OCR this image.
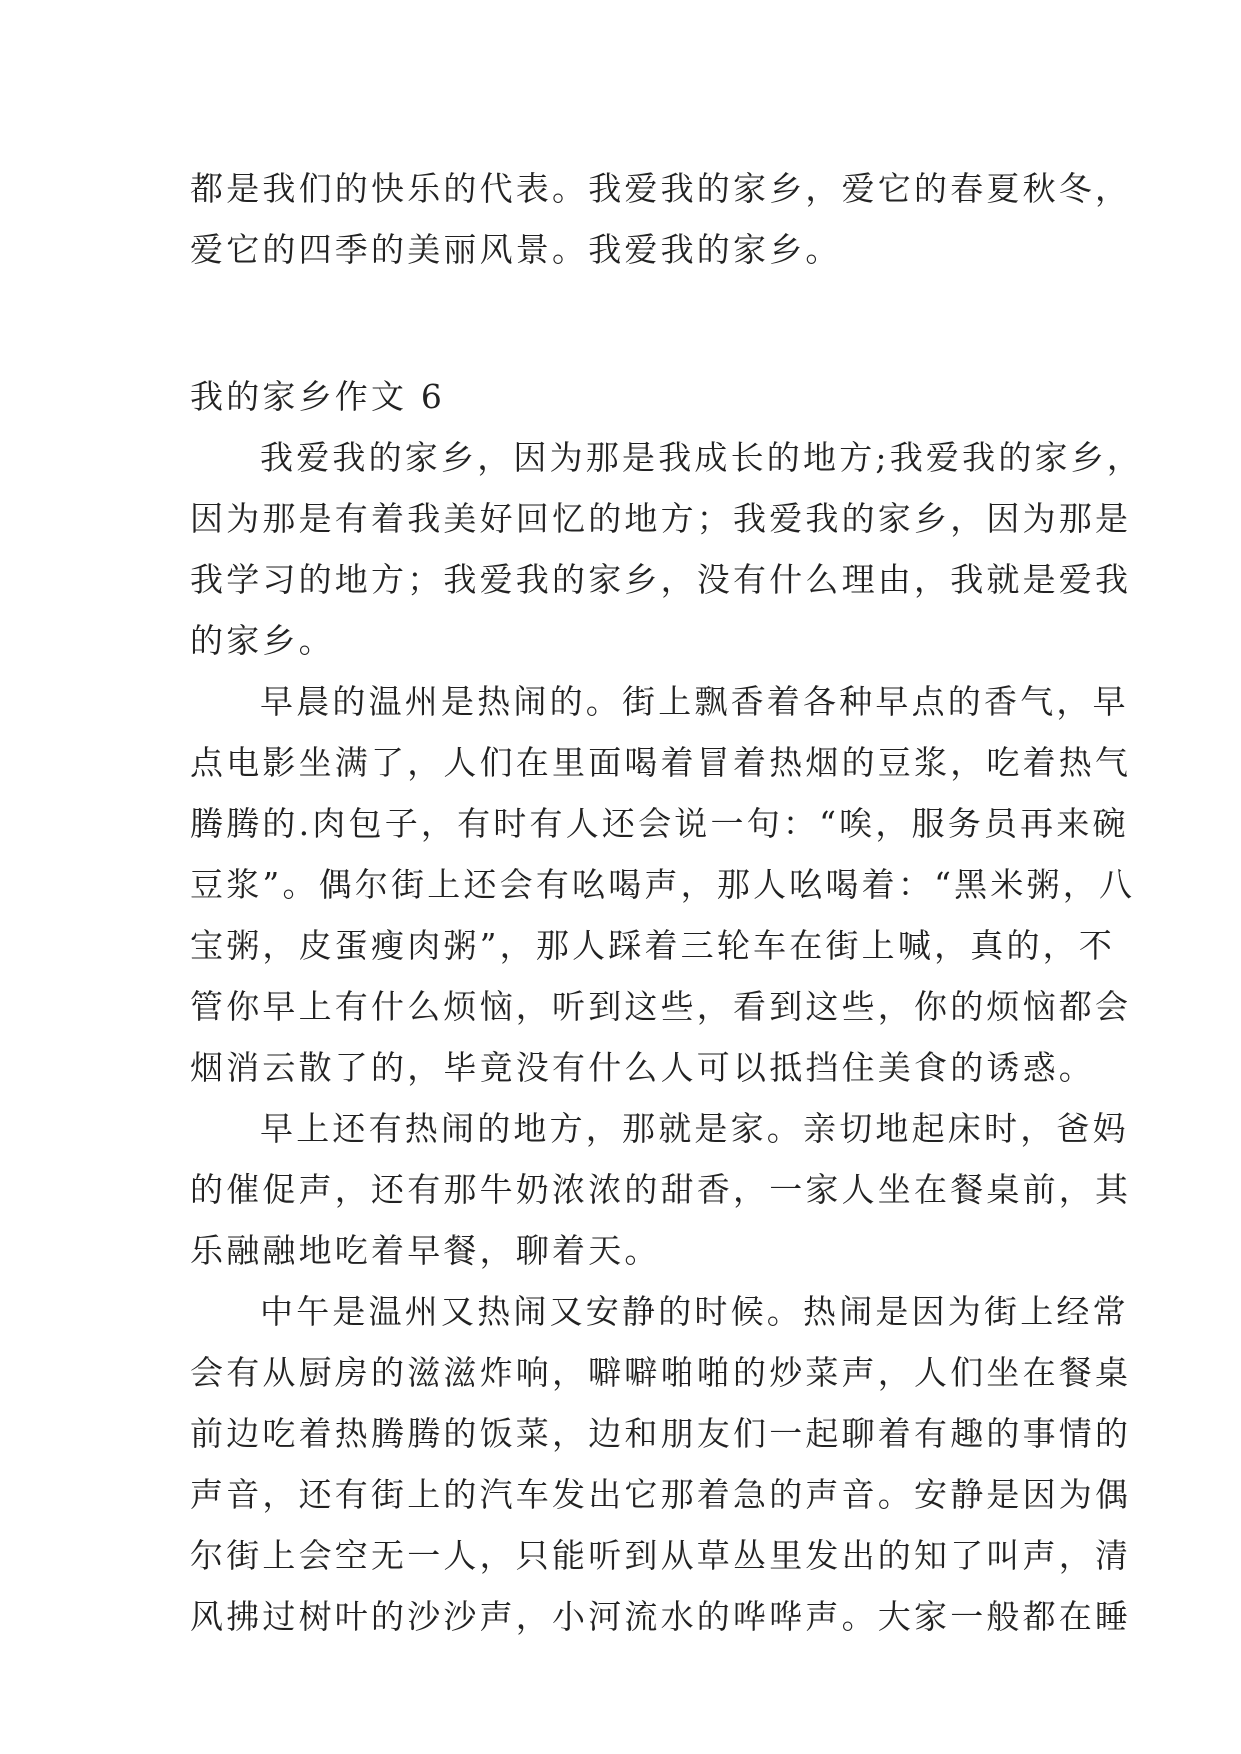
都是我们的快乐的代表。我爱我的家乡，爱它的春夏秋冬，
爱它的四季的美丽风景。我爱我的家乡。
我的家乡作文 6
我爱我的家乡，因为那是我成长的地方;我爱我的家乡，
因为那是有着我美好回忆的地方；我爱我的家乡，因为那是
我学习的地方；我爱我的家乡，没有什么理由，我就是爱我
的家乡。
早晨的温州是热闹的。街上飘香着各种早点的香气，早
点电影坐满了，人们在里面喝着冒着热烟的豆浆，吃着热气
腾腾的.肉包子，有时有人还会说一句：“唉，服务员再来碗
豆浆”。偶尔街上还会有吆喝声，那人吆喝着：“黑米粥，八
宝粥，皮蛋瘦肉粥”，那人踩着三轮车在街上喊，真的，不
管你早上有什么烦恼，听到这些，看到这些，你的烦恼都会
烟消云散了的，毕竟没有什么人可以抵挡住美食的诱惑。
早上还有热闹的地方，那就是家。亲切地起床时，爸妈
的催促声，还有那牛奶浓浓的甜香，一家人坐在餐桌前，其
乐融融地吃着早餐，聊着天。
中午是温州又热闹又安静的时候。热闹是因为街上经常
会有从厨房的滋滋炸响，噼噼啪啪的炒菜声，人们坐在餐桌
前边吃着热腾腾的饭菜，边和朋友们一起聊着有趣的事情的
声音，还有街上的汽车发出它那着急的声音。安静是因为偶
尔街上会空无一人，只能听到从草丛里发出的知了叫声，清
风拂过树叶的沙沙声，小河流水的哗哗声。大家一般都在睡
